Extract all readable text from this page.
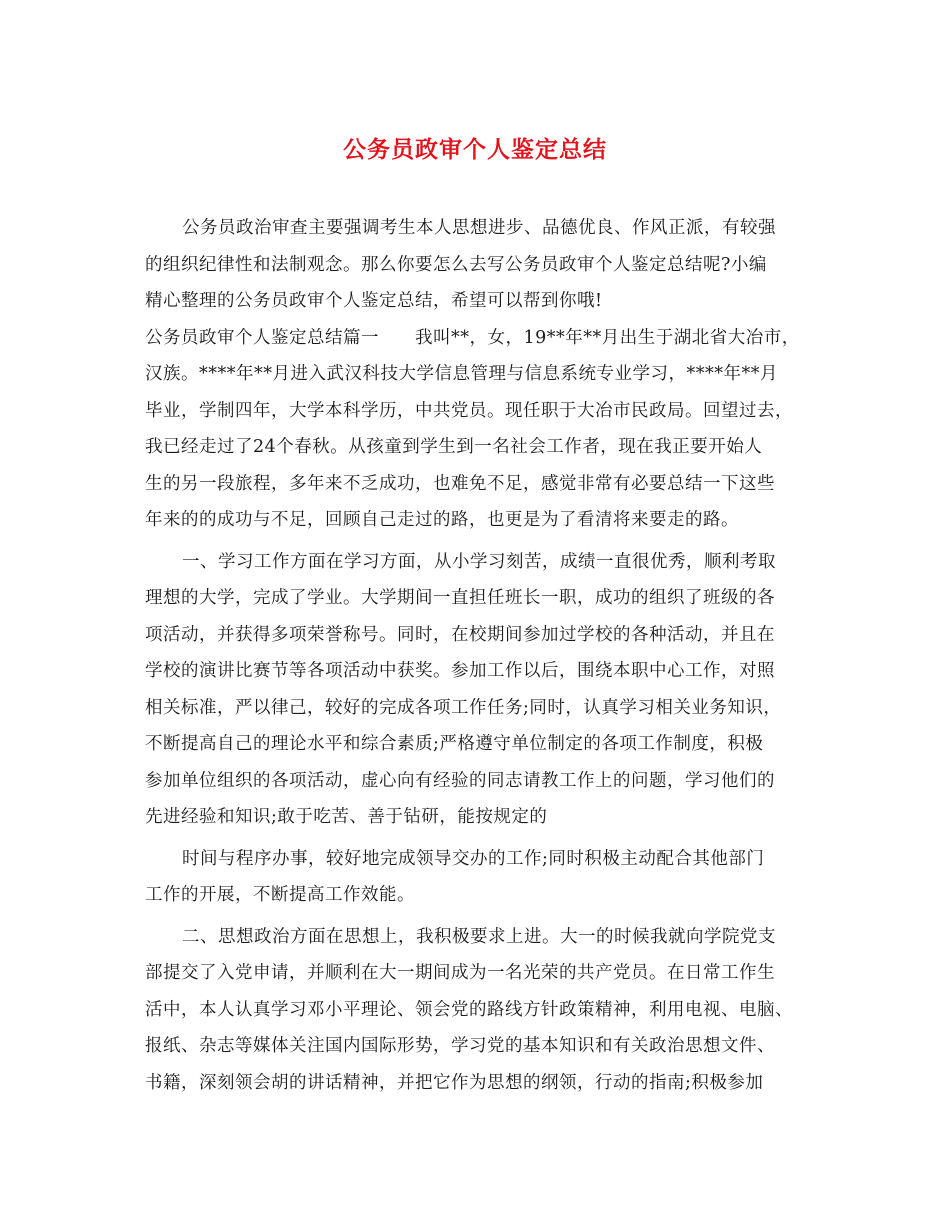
公务员政审个人鉴定总结
公务员政治审查主要强调考生本人思想进步、品德优良、作风正派，有较强
的组织纪律性和法制观念。那么你要怎么去写公务员政审个人鉴定总结呢?小编
精心整理的公务员政审个人鉴定总结，希望可以帮到你哦!
公务员政审个人鉴定总结篇一　　我叫**，女，19**年**月出生于湖北省大冶市，
汉族。****年**月进入武汉科技大学信息管理与信息系统专业学习，****年**月
毕业，学制四年，大学本科学历，中共党员。现任职于大冶市民政局。回望过去，
我已经走过了24个春秋。从孩童到学生到一名社会工作者，现在我正要开始人
生的另一段旅程，多年来不乏成功，也难免不足，感觉非常有必要总结一下这些
年来的的成功与不足，回顾自己走过的路，也更是为了看清将来要走的路。
一、学习工作方面在学习方面，从小学习刻苦，成绩一直很优秀，顺利考取
理想的大学，完成了学业。大学期间一直担任班长一职，成功的组织了班级的各
项活动，并获得多项荣誉称号。同时，在校期间参加过学校的各种活动，并且在
学校的演讲比赛节等各项活动中获奖。参加工作以后，围绕本职中心工作，对照
相关标准，严以律己，较好的完成各项工作任务;同时，认真学习相关业务知识，
不断提高自己的理论水平和综合素质;严格遵守单位制定的各项工作制度，积极
参加单位组织的各项活动，虚心向有经验的同志请教工作上的问题，学习他们的
先进经验和知识;敢于吃苦、善于钻研，能按规定的
时间与程序办事，较好地完成领导交办的工作;同时积极主动配合其他部门
工作的开展，不断提高工作效能。
二、思想政治方面在思想上，我积极要求上进。大一的时候我就向学院党支
部提交了入党申请，并顺利在大一期间成为一名光荣的共产党员。在日常工作生
活中，本人认真学习邓小平理论、领会党的路线方针政策精神，利用电视、电脑、
报纸、杂志等媒体关注国内国际形势，学习党的基本知识和有关政治思想文件、
书籍，深刻领会胡的讲话精神，并把它作为思想的纲领，行动的指南;积极参加
